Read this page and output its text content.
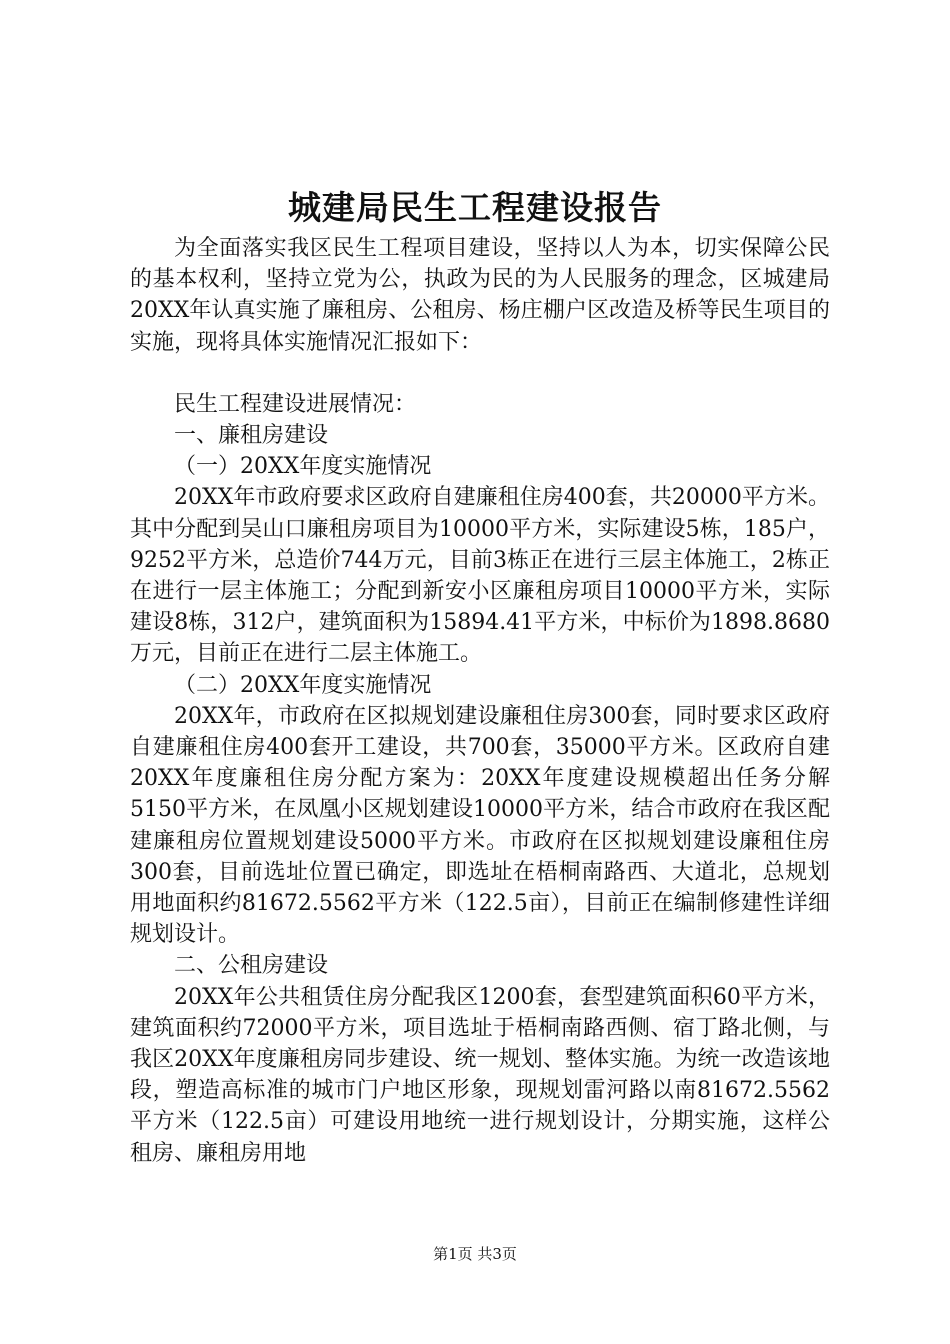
城建局民生工程建设报告

为全面落实我区民生工程项目建设，坚持以人为本，切实保障公民的基本权利，坚持立党为公，执政为民的为人民服务的理念，区城建局20XX年认真实施了廉租房、公租房、杨庄棚户区改造及桥等民生项目的实施，现将具体实施情况汇报如下：

民生工程建设进展情况：

一、廉租房建设

（一）20XX年度实施情况

20XX年市政府要求区政府自建廉租住房400套，共20000平方米。其中分配到吴山口廉租房项目为10000平方米，实际建设5栋，185户，9252平方米，总造价744万元，目前3栋正在进行三层主体施工，2栋正在进行一层主体施工；分配到新安小区廉租房项目10000平方米，实际建设8栋，312户，建筑面积为15894.41平方米，中标价为1898.8680万元，目前正在进行二层主体施工。

（二）20XX年度实施情况

20XX年，市政府在区拟规划建设廉租住房300套，同时要求区政府自建廉租住房400套开工建设，共700套，35000平方米。区政府自建20XX年度廉租住房分配方案为：20XX年度建设规模超出任务分解5150平方米，在凤凰小区规划建设10000平方米，结合市政府在我区配建廉租房位置规划建设5000平方米。市政府在区拟规划建设廉租住房300套，目前选址位置已确定，即选址在梧桐南路西、大道北，总规划用地面积约81672.5562平方米（122.5亩），目前正在编制修建性详细规划设计。

二、公租房建设

20XX年公共租赁住房分配我区1200套，套型建筑面积60平方米，建筑面积约72000平方米，项目选址于梧桐南路西侧、宿丁路北侧，与我区20XX年度廉租房同步建设、统一规划、整体实施。为统一改造该地段，塑造高标准的城市门户地区形象，现规划雷河路以南81672.5562平方米（122.5亩）可建设用地统一进行规划设计，分期实施，这样公租房、廉租房用地

第1页 共3页
